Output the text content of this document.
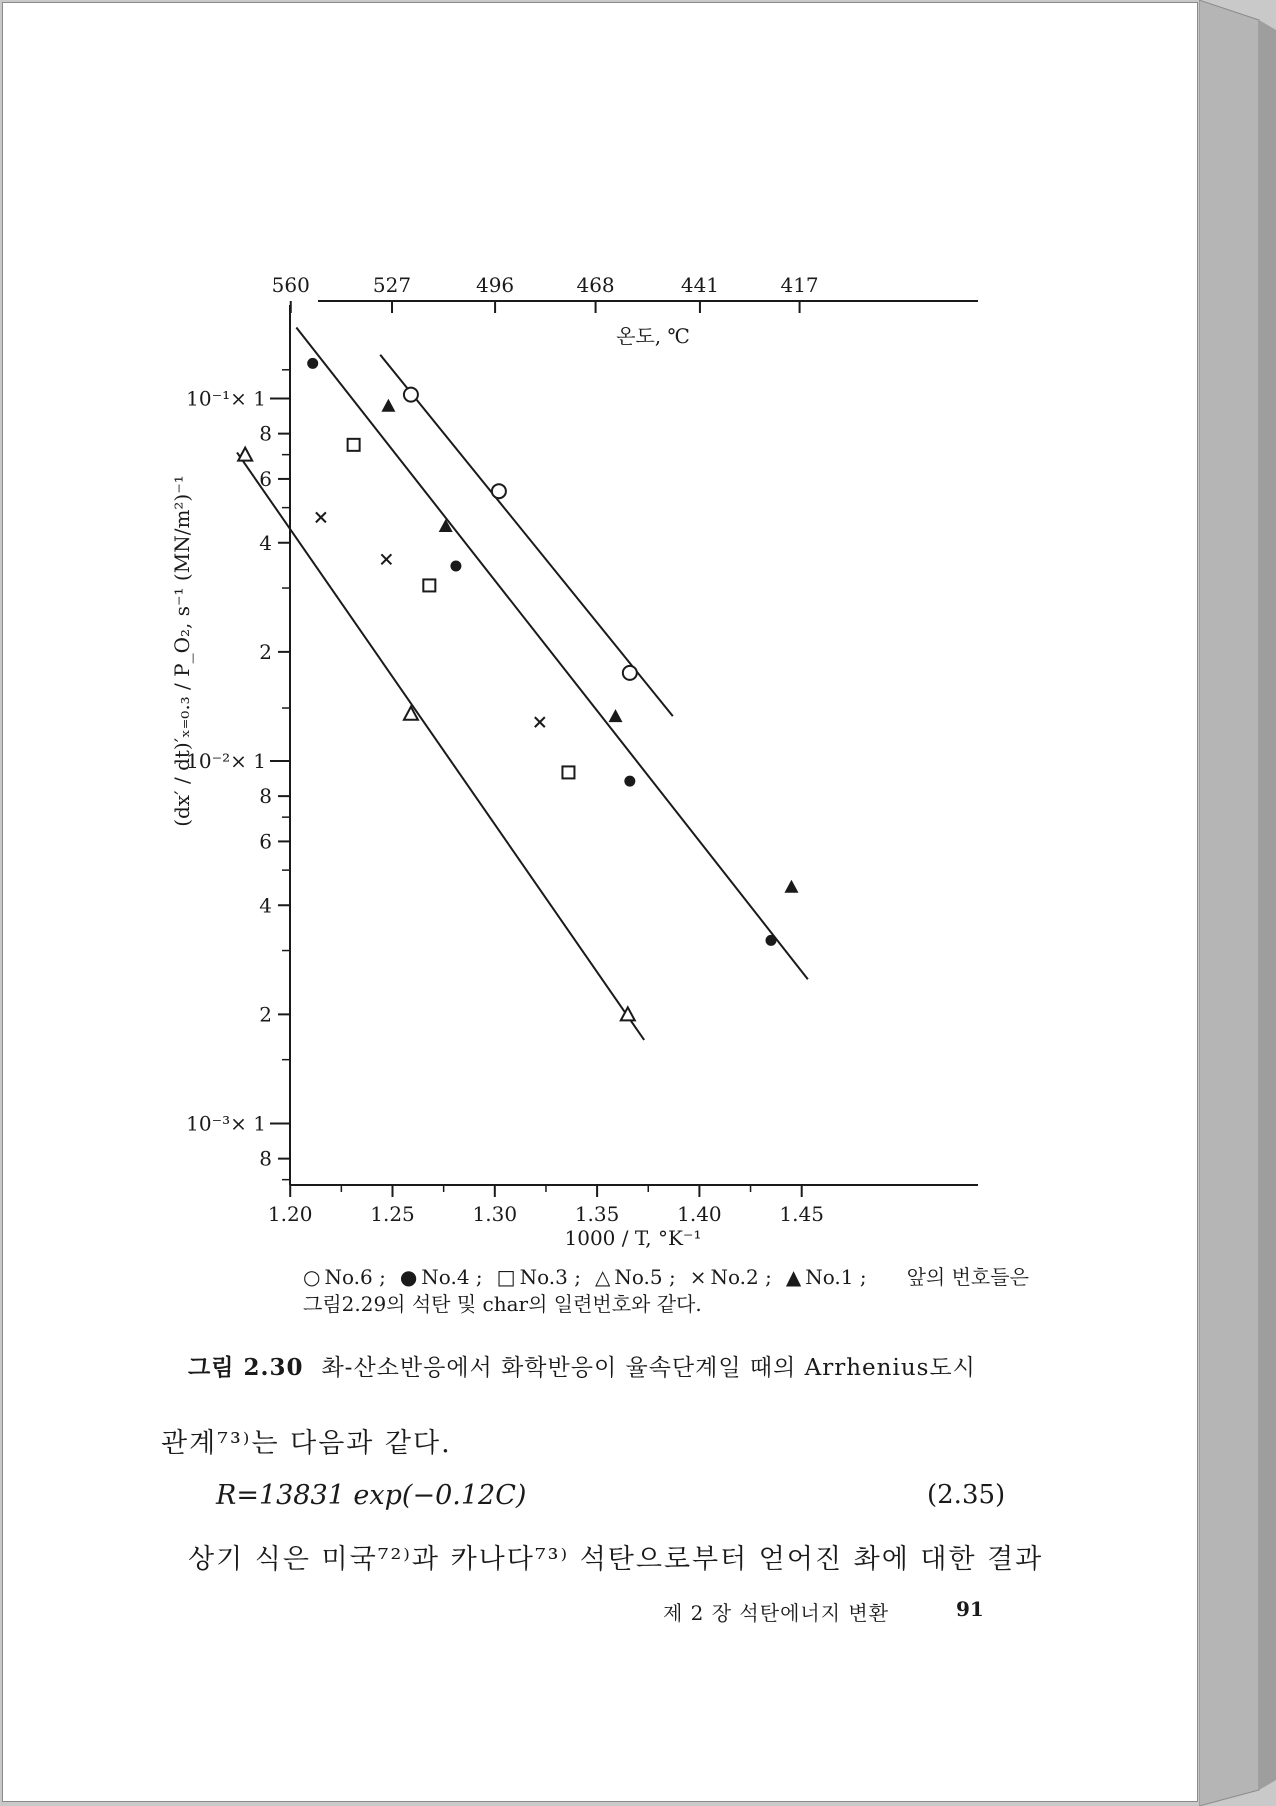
1.20	1.25	1.30	1.35	1.40	1.45
1000 / T, °K⁻¹
560	527	496	468	441	417
온도, ℃
10⁻¹× 1
8
6
4
2
10⁻²× 1
8
6
4
2
10⁻³× 1
8
(dx′ / dt)′ₓ₌₀.₃ / P_O₂, s⁻¹ (MN/m²)⁻¹
○ No.6 ; ● No.4 ; □ No.3 ; △ No.5 ; × No.2 ; ▲ No.1 ; 앞의 번호들은
그림2.29의 석탄 및 char의 일련번호와 같다.
그림 2.30 촤-산소반응에서 화학반응이 율속단계일 때의 Arrhenius도시
관계⁷³⁾는 다음과 같다.
R=13831 exp(−0.12C)	(2.35)
상기 식은 미국⁷²⁾과 카나다⁷³⁾ 석탄으로부터 얻어진 촤에 대한 결과
제 2 장 석탄에너지 변환	91
